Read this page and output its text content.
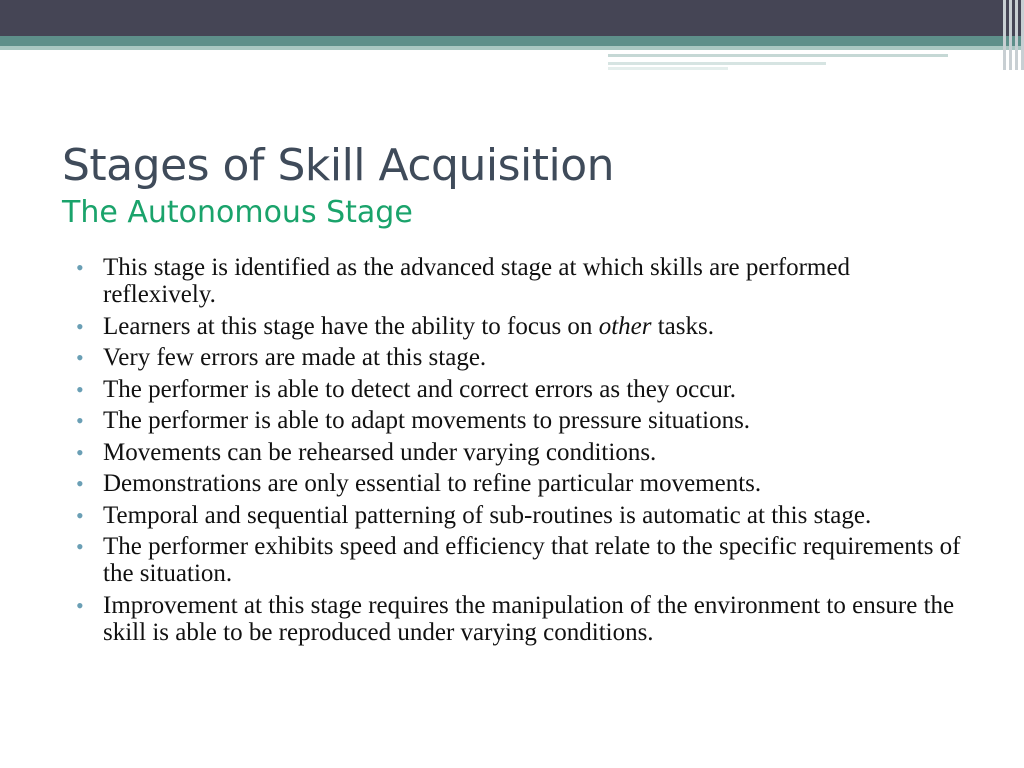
Stages of Skill Acquisition
The Autonomous Stage
• This stage is identified as the advanced stage at which skills are performed reflexively.
• Learners at this stage have the ability to focus on other tasks.
• Very few errors are made at this stage.
• The performer is able to detect and correct errors as they occur.
• The performer is able to adapt movements to pressure situations.
• Movements can be rehearsed under varying conditions.
• Demonstrations are only essential to refine particular movements.
• Temporal and sequential patterning of sub-routines is automatic at this stage.
• The performer exhibits speed and efficiency that relate to the specific requirements of the situation.
• Improvement at this stage requires the manipulation of the environment to ensure the skill is able to be reproduced under varying conditions.
